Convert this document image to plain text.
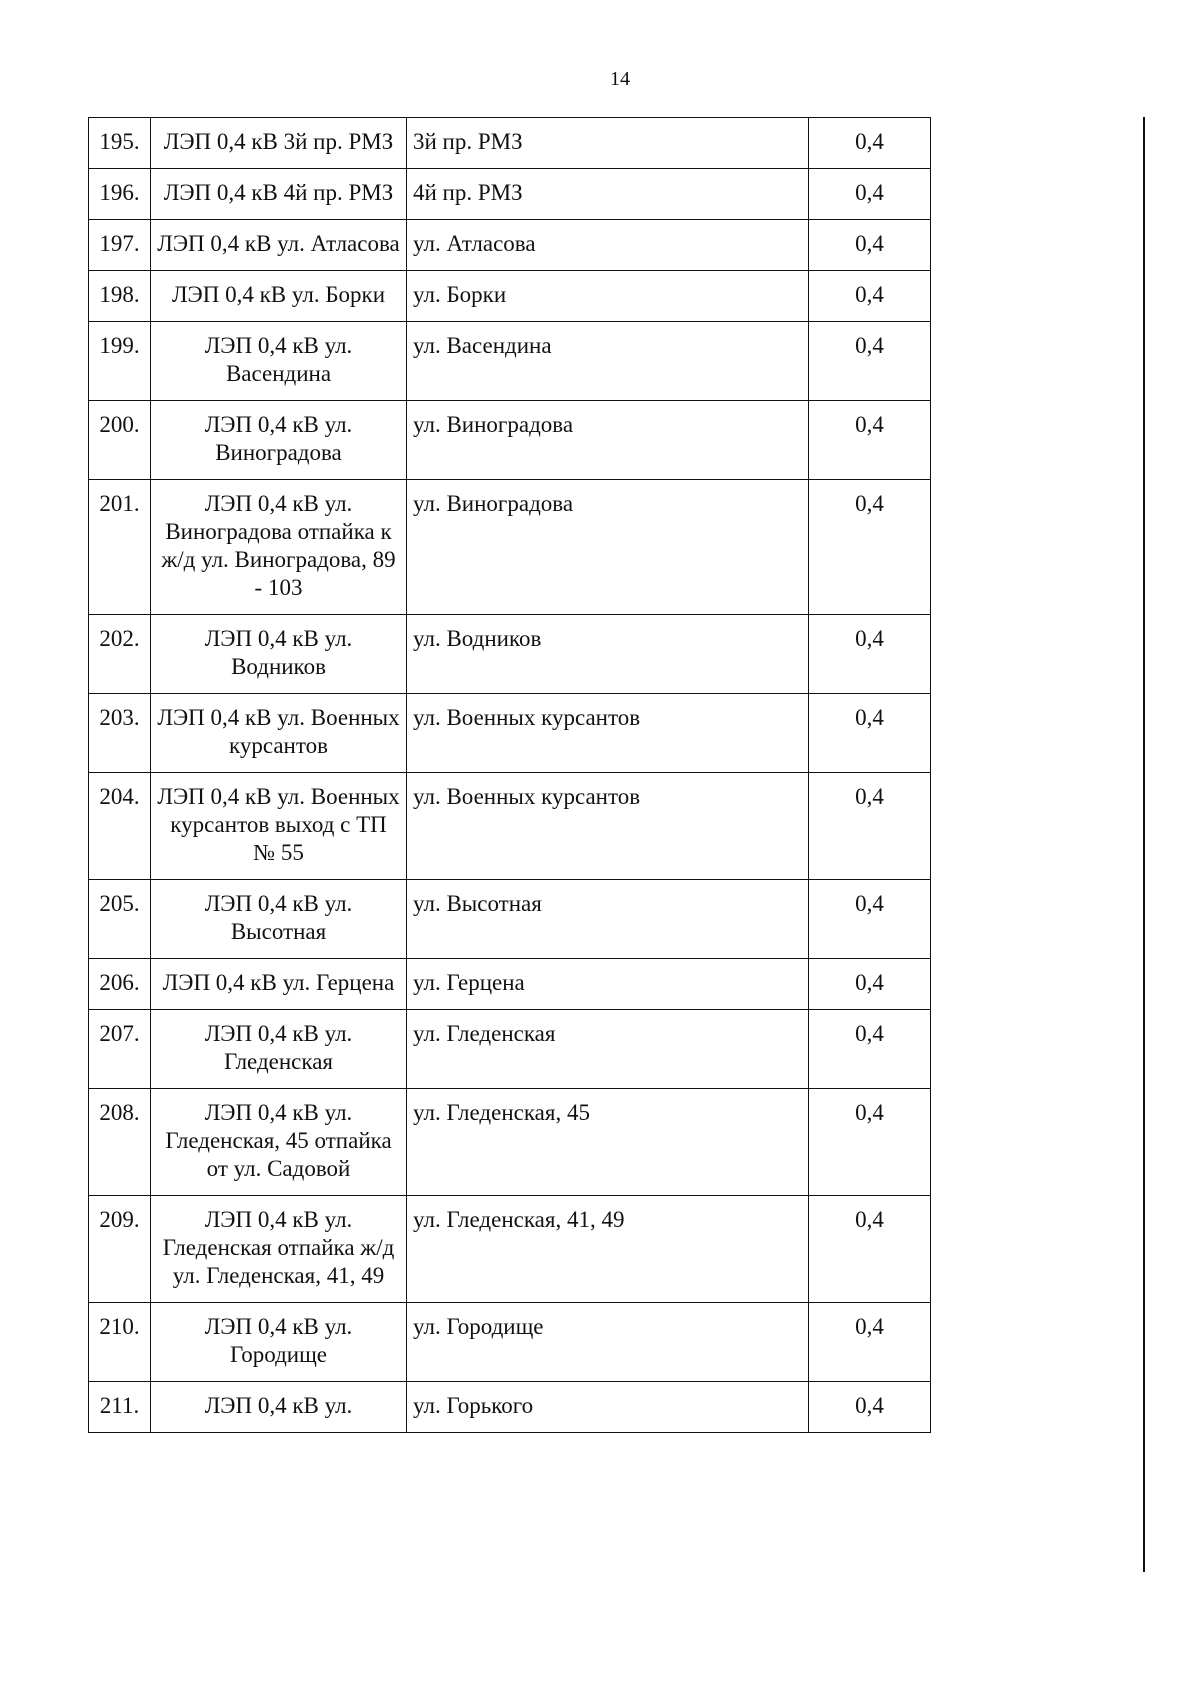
14
195.	ЛЭП 0,4 кВ 3й пр. РМЗ	3й пр. РМЗ	0,4
196.	ЛЭП 0,4 кВ 4й пр. РМЗ	4й пр. РМЗ	0,4
197.	ЛЭП 0,4 кВ ул. Атласова	ул. Атласова	0,4
198.	ЛЭП 0,4 кВ ул. Борки	ул. Борки	0,4
199.	ЛЭП 0,4 кВ ул. Васендина	ул. Васендина	0,4
200.	ЛЭП 0,4 кВ ул. Виноградова	ул. Виноградова	0,4
201.	ЛЭП 0,4 кВ ул. Виноградова отпайка к ж/д ул. Виноградова, 89 - 103	ул. Виноградова	0,4
202.	ЛЭП 0,4 кВ ул. Водников	ул. Водников	0,4
203.	ЛЭП 0,4 кВ ул. Военных курсантов	ул. Военных курсантов	0,4
204.	ЛЭП 0,4 кВ ул. Военных курсантов выход с ТП № 55	ул. Военных курсантов	0,4
205.	ЛЭП 0,4 кВ ул. Высотная	ул. Высотная	0,4
206.	ЛЭП 0,4 кВ ул. Герцена	ул. Герцена	0,4
207.	ЛЭП 0,4 кВ ул. Гледенская	ул. Гледенская	0,4
208.	ЛЭП 0,4 кВ ул. Гледенская, 45 отпайка от ул. Садовой	ул. Гледенская, 45	0,4
209.	ЛЭП 0,4 кВ ул. Гледенская отпайка ж/д ул. Гледенская, 41, 49	ул. Гледенская, 41, 49	0,4
210.	ЛЭП 0,4 кВ ул. Городище	ул. Городище	0,4
211.	ЛЭП 0,4 кВ ул.	ул. Горького	0,4
